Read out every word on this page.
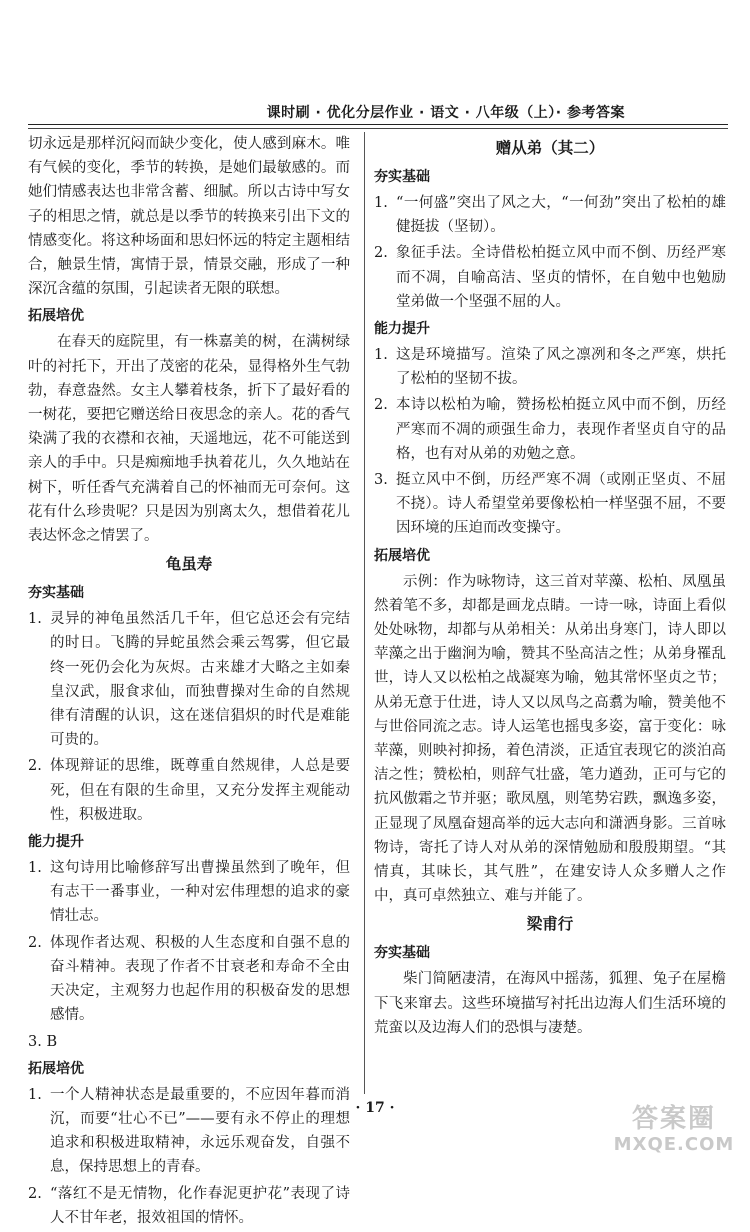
课时刷 · 优化分层作业 · 语文 · 八年级（上）· 参考答案

切永远是那样沉闷而缺少变化，使人感到麻木。唯有气候的变化，季节的转换，是她们最敏感的。而她们情感表达也非常含蓄、细腻。所以古诗中写女子的相思之情，就总是以季节的转换来引出下文的情感变化。将这种场面和思妇怀远的特定主题相结合，触景生情，寓情于景，情景交融，形成了一种深沉含蕴的氛围，引起读者无限的联想。

拓展培优

在春天的庭院里，有一株嘉美的树，在满树绿叶的衬托下，开出了茂密的花朵，显得格外生气勃勃，春意盎然。女主人攀着枝条，折下了最好看的一树花，要把它赠送给日夜思念的亲人。花的香气染满了我的衣襟和衣袖，天遥地远，花不可能送到亲人的手中。只是痴痴地手执着花儿，久久地站在树下，听任香气充满着自己的怀袖而无可奈何。这花有什么珍贵呢？只是因为别离太久，想借着花儿表达怀念之情罢了。

龟虽寿
夯实基础
1. 灵异的神龟虽然活几千年，但它总还会有完结的时日。飞腾的异蛇虽然会乘云驾雾，但它最终一死仍会化为灰烬。古来雄才大略之主如秦皇汉武，服食求仙，而独曹操对生命的自然规律有清醒的认识，这在迷信猖炽的时代是难能可贵的。
2. 体现辩证的思维，既尊重自然规律，人总是要死，但在有限的生命里，又充分发挥主观能动性，积极进取。
能力提升
1. 这句诗用比喻修辞写出曹操虽然到了晚年，但有志干一番事业，一种对宏伟理想的追求的豪情壮志。
2. 体现作者达观、积极的人生态度和自强不息的奋斗精神。表现了作者不甘衰老和寿命不全由天决定，主观努力也起作用的积极奋发的思想感情。
3. B
拓展培优
1. 一个人精神状态是最重要的，不应因年暮而消沉，而要“壮心不已”——要有永不停止的理想追求和积极进取精神，永远乐观奋发，自强不息，保持思想上的青春。
2. “落红不是无情物，化作春泥更护花”表现了诗人不甘年老，报效祖国的情怀。
赠从弟（其二）
夯实基础
1. “一何盛”突出了风之大，“一何劲”突出了松柏的雄健挺拔（坚韧）。
2. 象征手法。全诗借松柏挺立风中而不倒、历经严寒而不凋，自喻高洁、坚贞的情怀，在自勉中也勉励堂弟做一个坚强不屈的人。
能力提升
1. 这是环境描写。渲染了风之凛冽和冬之严寒，烘托了松柏的坚韧不拔。
2. 本诗以松柏为喻，赞扬松柏挺立风中而不倒，历经严寒而不凋的顽强生命力，表现作者坚贞自守的品格，也有对从弟的劝勉之意。
3. 挺立风中不倒，历经严寒不凋（或刚正坚贞、不屈不挠）。诗人希望堂弟要像松柏一样坚强不屈，不要因环境的压迫而改变操守。
拓展培优

示例：作为咏物诗，这三首对苹藻、松柏、凤凰虽然着笔不多，却都是画龙点睛。一诗一咏，诗面上看似处处咏物，却都与从弟相关：从弟出身寒门，诗人即以苹藻之出于幽涧为喻，赞其不坠高洁之性；从弟身罹乱世，诗人又以松柏之战凝寒为喻，勉其常怀坚贞之节；从弟无意于仕进，诗人又以凤鸟之高翥为喻，赞美他不与世俗同流之志。诗人运笔也摇曳多姿，富于变化：咏苹藻，则映衬抑扬，着色清淡，正适宜表现它的淡泊高洁之性；赞松柏，则辞气壮盛，笔力遒劲，正可与它的抗风傲霜之节并驱；歌凤凰，则笔势宕跌，飘逸多姿，正显现了凤凰奋翅高举的远大志向和潇洒身影。三首咏物诗，寄托了诗人对从弟的深情勉励和殷殷期望。“其情真，其味长，其气胜”，在建安诗人众多赠人之作中，真可卓然独立、难与并能了。

梁甫行
夯实基础

柴门简陋凄清，在海风中摇荡，狐狸、兔子在屋檐下飞来窜去。这些环境描写衬托出边海人们生活环境的荒蛮以及边海人们的恐惧与凄楚。

· 17 ·	答案圈
MXQE.COM
